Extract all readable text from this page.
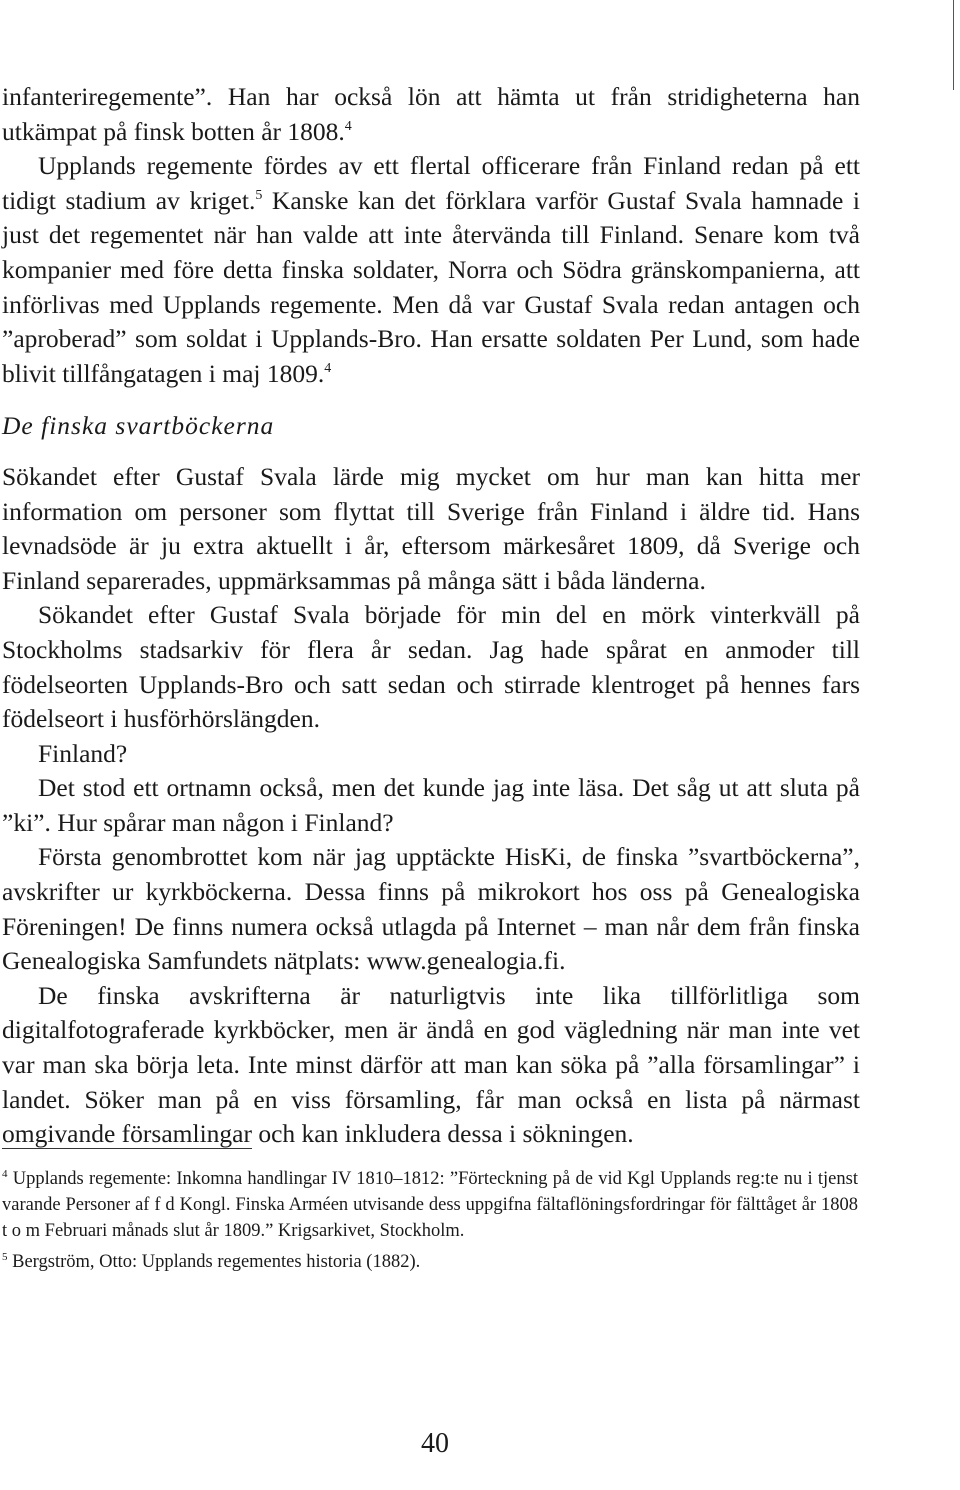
infanteriregemente”. Han har också lön att hämta ut från stridigheterna han utkämpat på finsk botten år 1808.$^4$

Upplands regemente fördes av ett flertal officerare från Finland redan på ett tidigt stadium av kriget.$^5$ Kanske kan det förklara varför Gustaf Svala hamnade i just det regementet när han valde att inte återvända till Finland. Senare kom två kompanier med före detta finska soldater, Norra och Södra gränskompanierna, att införlivas med Upplands regemente. Men då var Gustaf Svala redan antagen och ”aproberad” som soldat i Upplands-Bro. Han ersatte soldaten Per Lund, som hade blivit tillfångatagen i maj 1809.$^4$

De finska svartböckerna

Sökandet efter Gustaf Svala lärde mig mycket om hur man kan hitta mer information om personer som flyttat till Sverige från Finland i äldre tid. Hans levnadsöde är ju extra aktuellt i år, eftersom märkesåret 1809, då Sverige och Finland separerades, uppmärksammas på många sätt i båda länderna.

Sökandet efter Gustaf Svala började för min del en mörk vinterkväll på Stockholms stadsarkiv för flera år sedan. Jag hade spårat en anmoder till födelseorten Upplands-Bro och satt sedan och stirrade klentroget på hennes fars födelseort i husförhörslängden.

Finland?

Det stod ett ortnamn också, men det kunde jag inte läsa. Det såg ut att sluta på ”ki”. Hur spårar man någon i Finland?

Första genombrottet kom när jag upptäckte HisKi, de finska ”svartböckerna”, avskrifter ur kyrkböckerna. Dessa finns på mikrokort hos oss på Genealogiska Föreningen! De finns numera också utlagda på Internet – man når dem från finska Genealogiska Samfundets nätplats: www.genealogia.fi.

De finska avskrifterna är naturligtvis inte lika tillförlitliga som digitalfotograferade kyrkböcker, men är ändå en god vägledning när man inte vet var man ska börja leta. Inte minst därför att man kan söka på ”alla församlingar” i landet. Söker man på en viss församling, får man också en lista på närmast omgivande församlingar och kan inkludera dessa i sökningen.

$^4$ Upplands regemente: Inkomna handlingar IV 1810–1812: ”Förteckning på de vid Kgl Upplands reg:te nu i tjenst varande Personer af f d Kongl. Finska Arméen utvisande dess uppgifna fältaflöningsfordringar för fälttåget år 1808 t o m Februari månads slut år 1809.” Krigsarkivet, Stockholm.

$^5$ Bergström, Otto: Upplands regementes historia (1882).

40
